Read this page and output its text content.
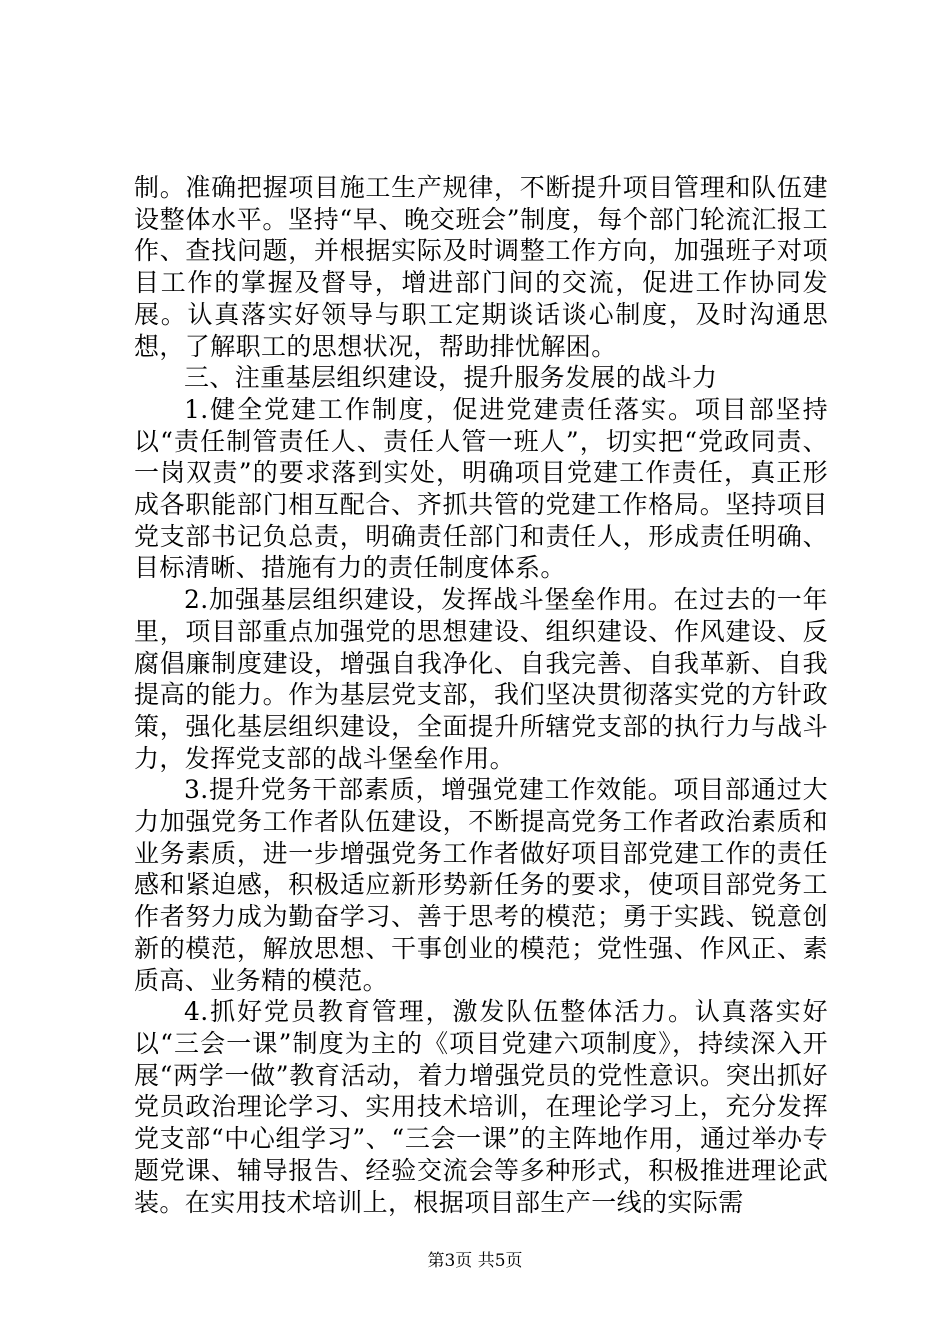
制。准确把握项目施工生产规律，不断提升项目管理和队伍建设整体水平。坚持“早、晚交班会”制度，每个部门轮流汇报工作、查找问题，并根据实际及时调整工作方向，加强班子对项目工作的掌握及督导，增进部门间的交流，促进工作协同发展。认真落实好领导与职工定期谈话谈心制度，及时沟通思想，了解职工的思想状况，帮助排忧解困。

三、注重基层组织建设，提升服务发展的战斗力

1.健全党建工作制度，促进党建责任落实。项目部坚持以“责任制管责任人、责任人管一班人”，切实把“党政同责、一岗双责”的要求落到实处，明确项目党建工作责任，真正形成各职能部门相互配合、齐抓共管的党建工作格局。坚持项目党支部书记负总责，明确责任部门和责任人，形成责任明确、目标清晰、措施有力的责任制度体系。

2.加强基层组织建设，发挥战斗堡垒作用。在过去的一年里，项目部重点加强党的思想建设、组织建设、作风建设、反腐倡廉制度建设，增强自我净化、自我完善、自我革新、自我提高的能力。作为基层党支部，我们坚决贯彻落实党的方针政策，强化基层组织建设，全面提升所辖党支部的执行力与战斗力，发挥党支部的战斗堡垒作用。

3.提升党务干部素质，增强党建工作效能。项目部通过大力加强党务工作者队伍建设，不断提高党务工作者政治素质和业务素质，进一步增强党务工作者做好项目部党建工作的责任感和紧迫感，积极适应新形势新任务的要求，使项目部党务工作者努力成为勤奋学习、善于思考的模范；勇于实践、锐意创新的模范，解放思想、干事创业的模范；党性强、作风正、素质高、业务精的模范。

4.抓好党员教育管理，激发队伍整体活力。认真落实好以“三会一课”制度为主的《项目党建六项制度》，持续深入开展“两学一做”教育活动，着力增强党员的党性意识。突出抓好党员政治理论学习、实用技术培训，在理论学习上，充分发挥党支部“中心组学习”、“三会一课”的主阵地作用，通过举办专题党课、辅导报告、经验交流会等多种形式，积极推进理论武装。在实用技术培训上，根据项目部生产一线的实际需

第3页 共5页
